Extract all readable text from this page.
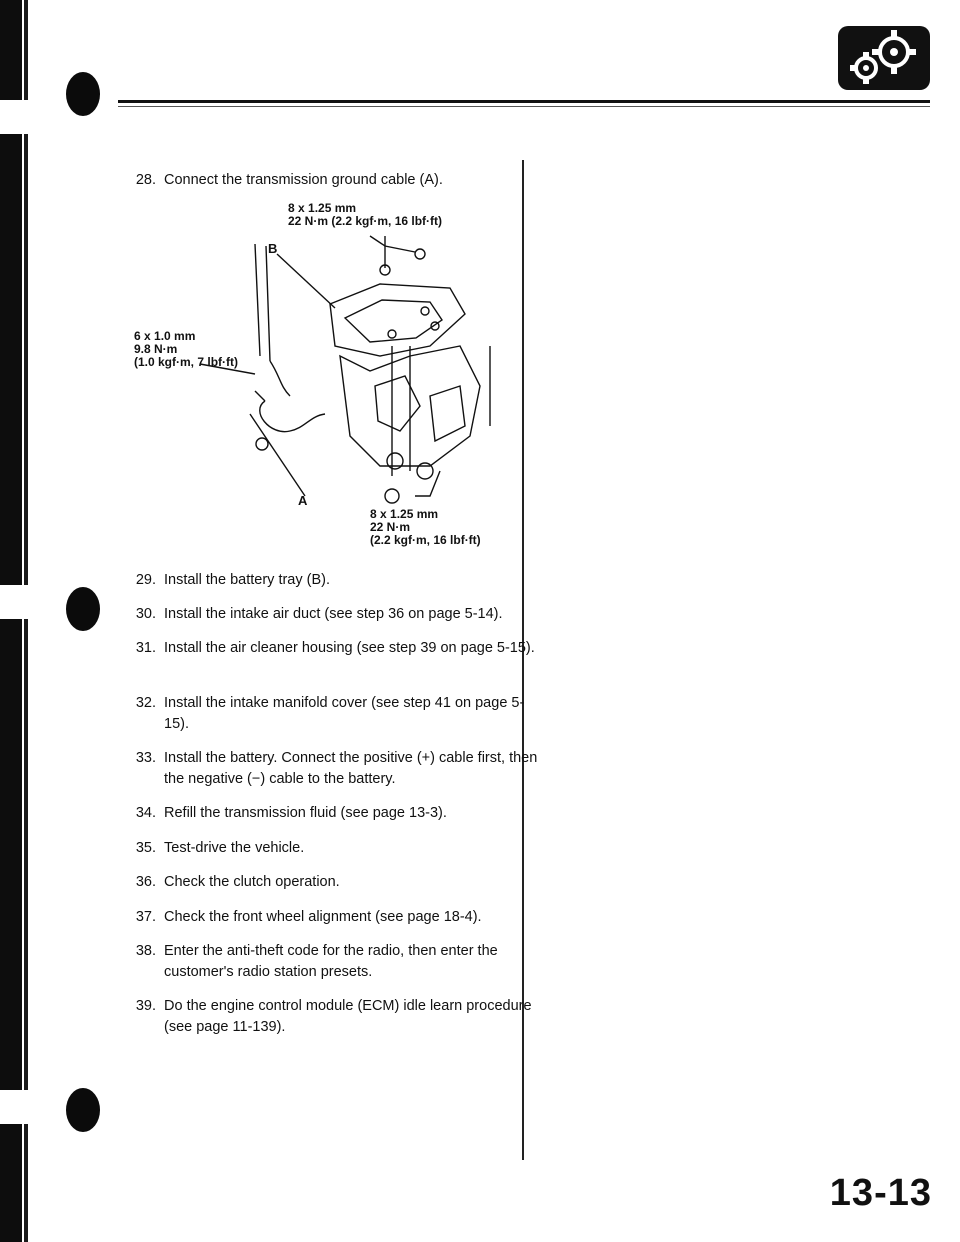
8 x 1.25 mm
22 N·m (2.2 kgf·m, 16 lbf·ft)
6 x 1.0 mm
9.8 N·m
(1.0 kgf·m, 7 lbf·ft)
8 x 1.25 mm
22 N·m
(2.2 kgf·m, 16 lbf·ft)
B
A
28. Connect the transmission ground cable (A).
29. Install the battery tray (B).
30. Install the intake air duct (see step 36 on page 5-14).
31. Install the air cleaner housing (see step 39 on page 5-15).
32. Install the intake manifold cover (see step 41 on page 5-15).
33. Install the battery. Connect the positive (+) cable first, then the negative (−) cable to the battery.
34. Refill the transmission fluid (see page 13-3).
35. Test-drive the vehicle.
36. Check the clutch operation.
37. Check the front wheel alignment (see page 18-4).
38. Enter the anti-theft code for the radio, then enter the customer's radio station presets.
39. Do the engine control module (ECM) idle learn procedure (see page 11-139).
13-13
